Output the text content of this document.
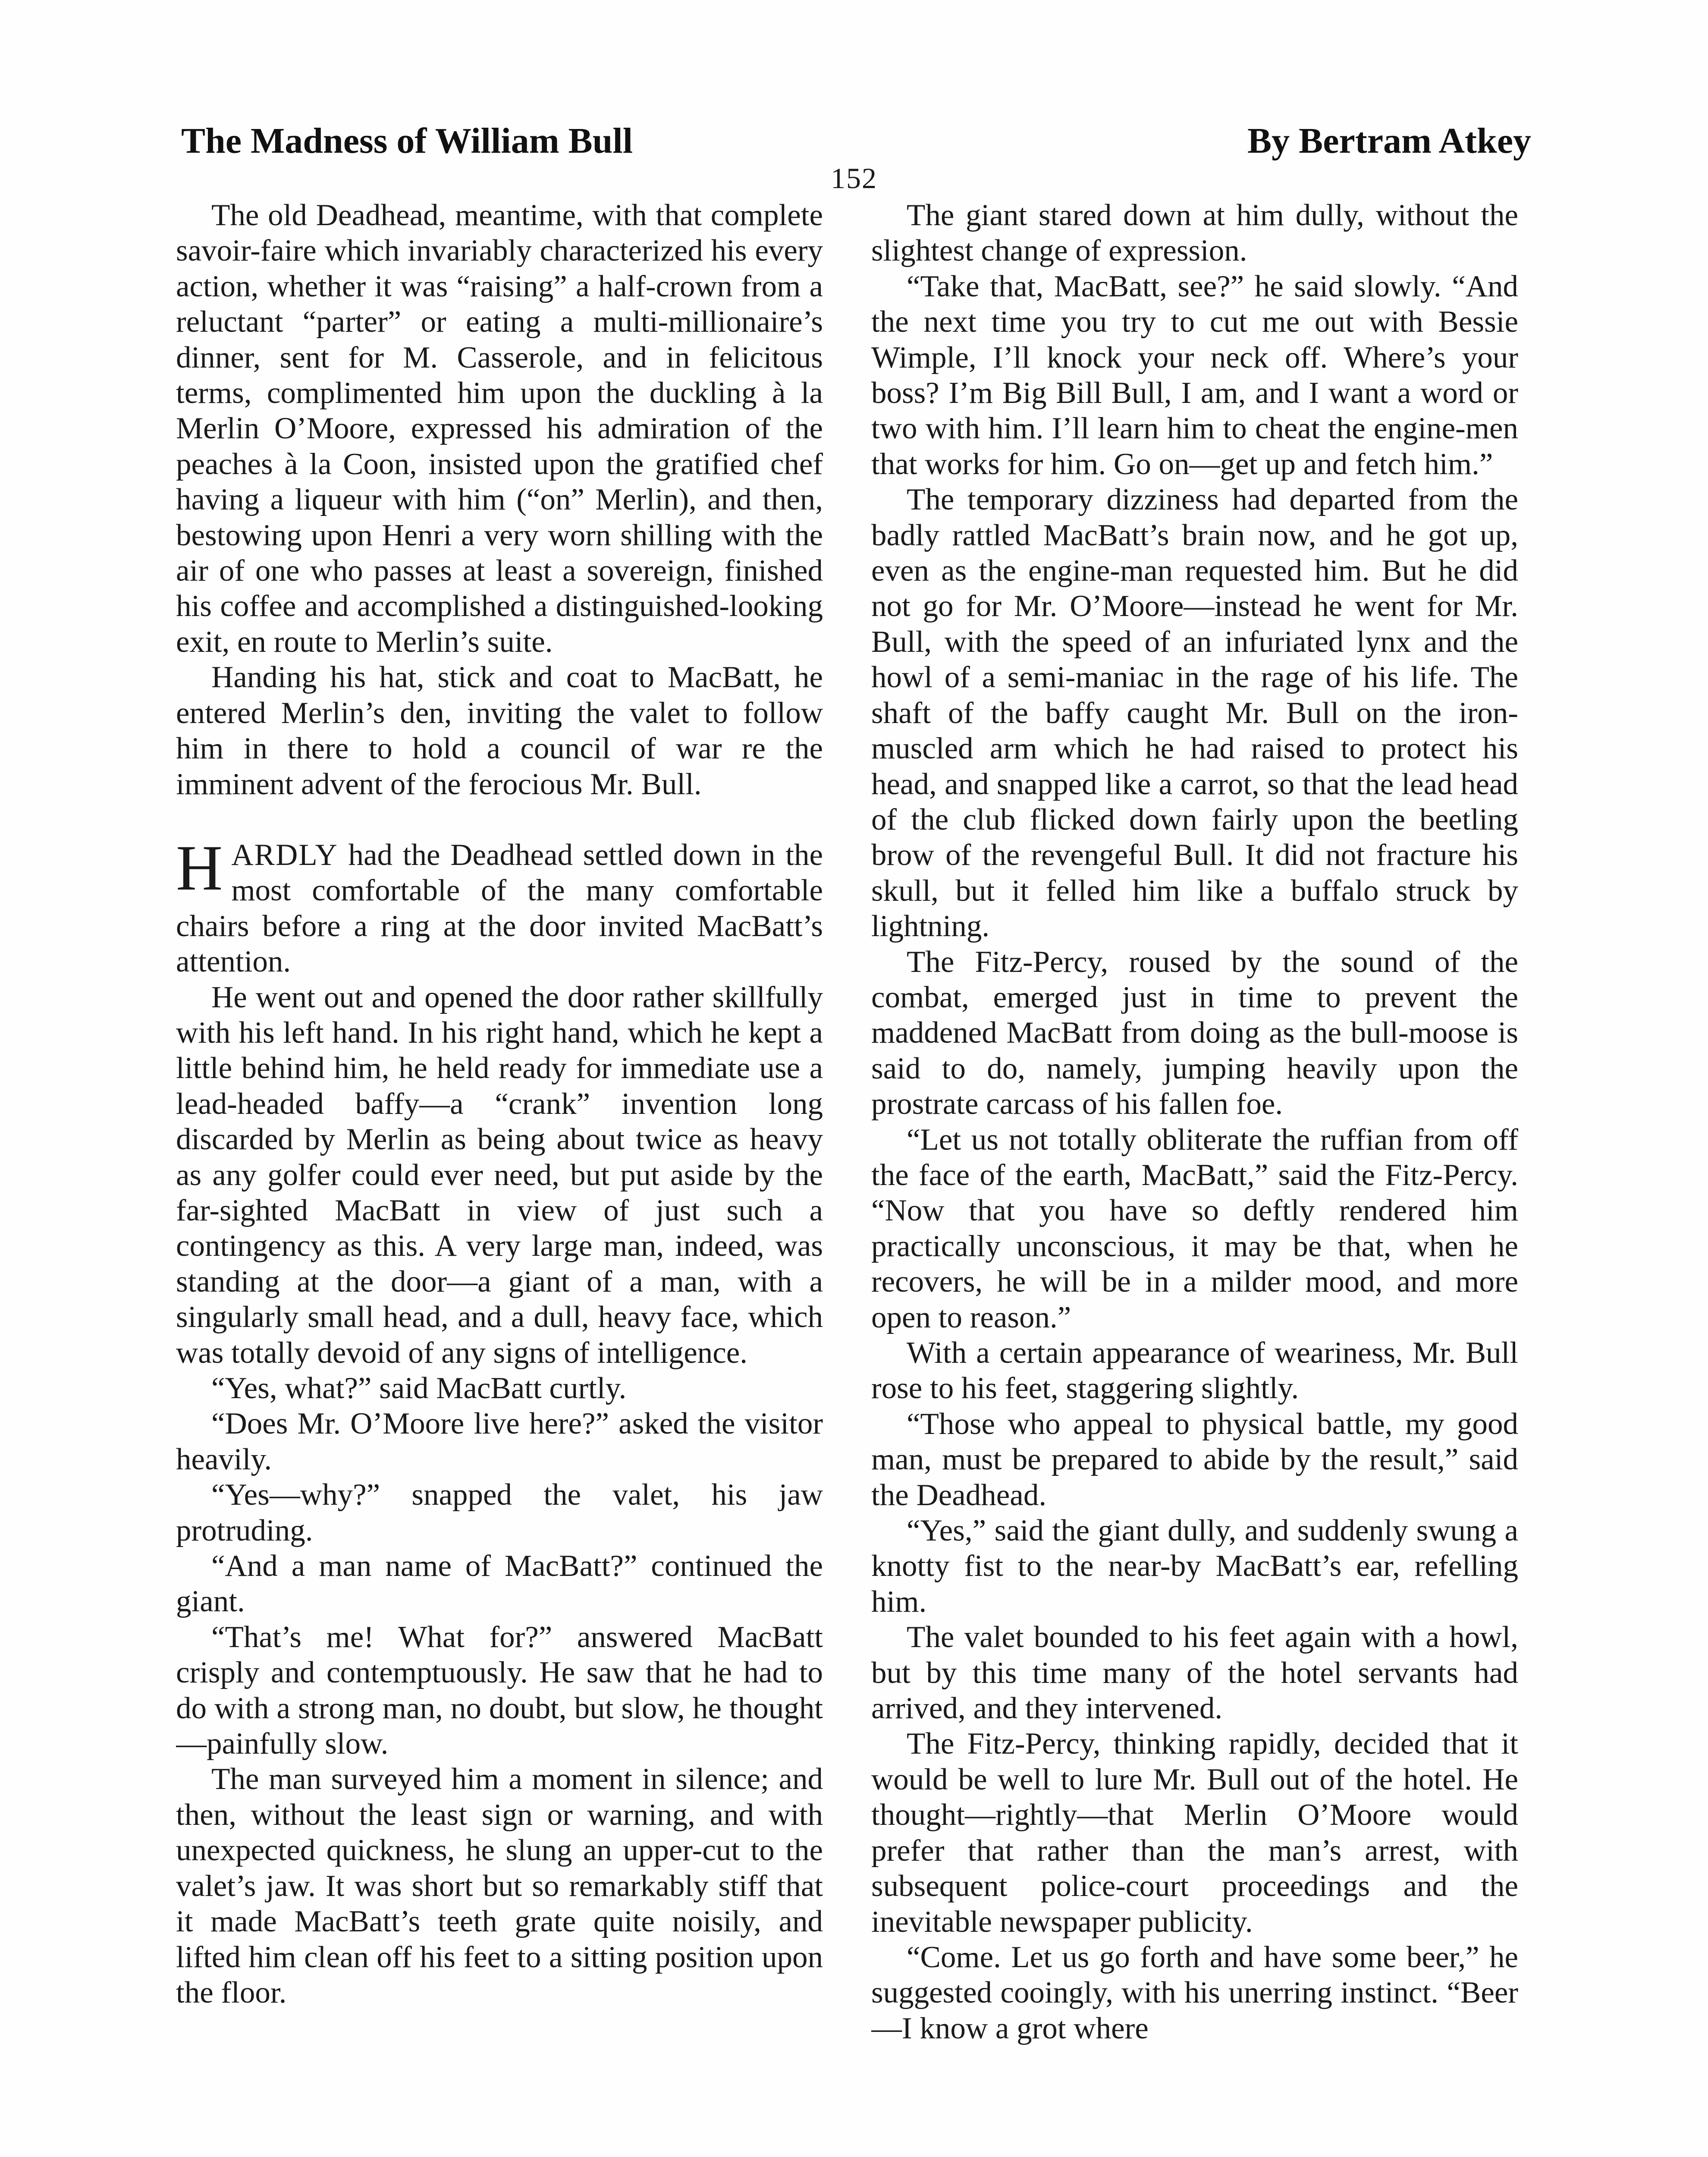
The Madness of William Bull	By Bertram Atkey
152

The old Deadhead, meantime, with that complete savoir-faire which invariably characterized his every action, whether it was “raising” a half-crown from a reluctant “parter” or eating a multi-millionaire’s dinner, sent for M. Casserole, and in felicitous terms, complimented him upon the duckling à la Merlin O’Moore, expressed his admiration of the peaches à la Coon, insisted upon the gratified chef having a liqueur with him (“on” Merlin), and then, bestowing upon Henri a very worn shilling with the air of one who passes at least a sovereign, finished his coffee and accomplished a distinguished-looking exit, en route to Merlin’s suite.

Handing his hat, stick and coat to MacBatt, he entered Merlin’s den, inviting the valet to follow him in there to hold a council of war re the imminent advent of the ferocious Mr. Bull.

HARDLY had the Deadhead settled down in the most comfortable of the many comfortable chairs before a ring at the door invited MacBatt’s attention.

He went out and opened the door rather skillfully with his left hand. In his right hand, which he kept a little behind him, he held ready for immediate use a lead-headed baffy—a “crank” invention long discarded by Merlin as being about twice as heavy as any golfer could ever need, but put aside by the far-sighted MacBatt in view of just such a contingency as this. A very large man, indeed, was standing at the door—a giant of a man, with a singularly small head, and a dull, heavy face, which was totally devoid of any signs of intelligence.

“Yes, what?” said MacBatt curtly.

“Does Mr. O’Moore live here?” asked the visitor heavily.

“Yes—why?” snapped the valet, his jaw protruding.

“And a man name of MacBatt?” continued the giant.

“That’s me! What for?” answered MacBatt crisply and contemptuously. He saw that he had to do with a strong man, no doubt, but slow, he thought—painfully slow.

The man surveyed him a moment in silence; and then, without the least sign or warning, and with unexpected quickness, he slung an upper-cut to the valet’s jaw. It was short but so remarkably stiff that it made MacBatt’s teeth grate quite noisily, and lifted him clean off his feet to a sitting position upon the floor.

The giant stared down at him dully, without the slightest change of expression.

“Take that, MacBatt, see?” he said slowly. “And the next time you try to cut me out with Bessie Wimple, I’ll knock your neck off. Where’s your boss? I’m Big Bill Bull, I am, and I want a word or two with him. I’ll learn him to cheat the engine-men that works for him. Go on—get up and fetch him.”

The temporary dizziness had departed from the badly rattled MacBatt’s brain now, and he got up, even as the engine-man requested him. But he did not go for Mr. O’Moore—instead he went for Mr. Bull, with the speed of an infuriated lynx and the howl of a semi-maniac in the rage of his life. The shaft of the baffy caught Mr. Bull on the iron-muscled arm which he had raised to protect his head, and snapped like a carrot, so that the lead head of the club flicked down fairly upon the beetling brow of the revengeful Bull. It did not fracture his skull, but it felled him like a buffalo struck by lightning.

The Fitz-Percy, roused by the sound of the combat, emerged just in time to prevent the maddened MacBatt from doing as the bull-moose is said to do, namely, jumping heavily upon the prostrate carcass of his fallen foe.

“Let us not totally obliterate the ruffian from off the face of the earth, MacBatt,” said the Fitz-Percy. “Now that you have so deftly rendered him practically unconscious, it may be that, when he recovers, he will be in a milder mood, and more open to reason.”

With a certain appearance of weariness, Mr. Bull rose to his feet, staggering slightly.

“Those who appeal to physical battle, my good man, must be prepared to abide by the result,” said the Deadhead.

“Yes,” said the giant dully, and suddenly swung a knotty fist to the near-by MacBatt’s ear, refelling him.

The valet bounded to his feet again with a howl, but by this time many of the hotel servants had arrived, and they intervened.

The Fitz-Percy, thinking rapidly, decided that it would be well to lure Mr. Bull out of the hotel. He thought—rightly—that Merlin O’Moore would prefer that rather than the man’s arrest, with subsequent police-court proceedings and the inevitable newspaper publicity.

“Come. Let us go forth and have some beer,” he suggested cooingly, with his unerring instinct. “Beer—I know a grot where
